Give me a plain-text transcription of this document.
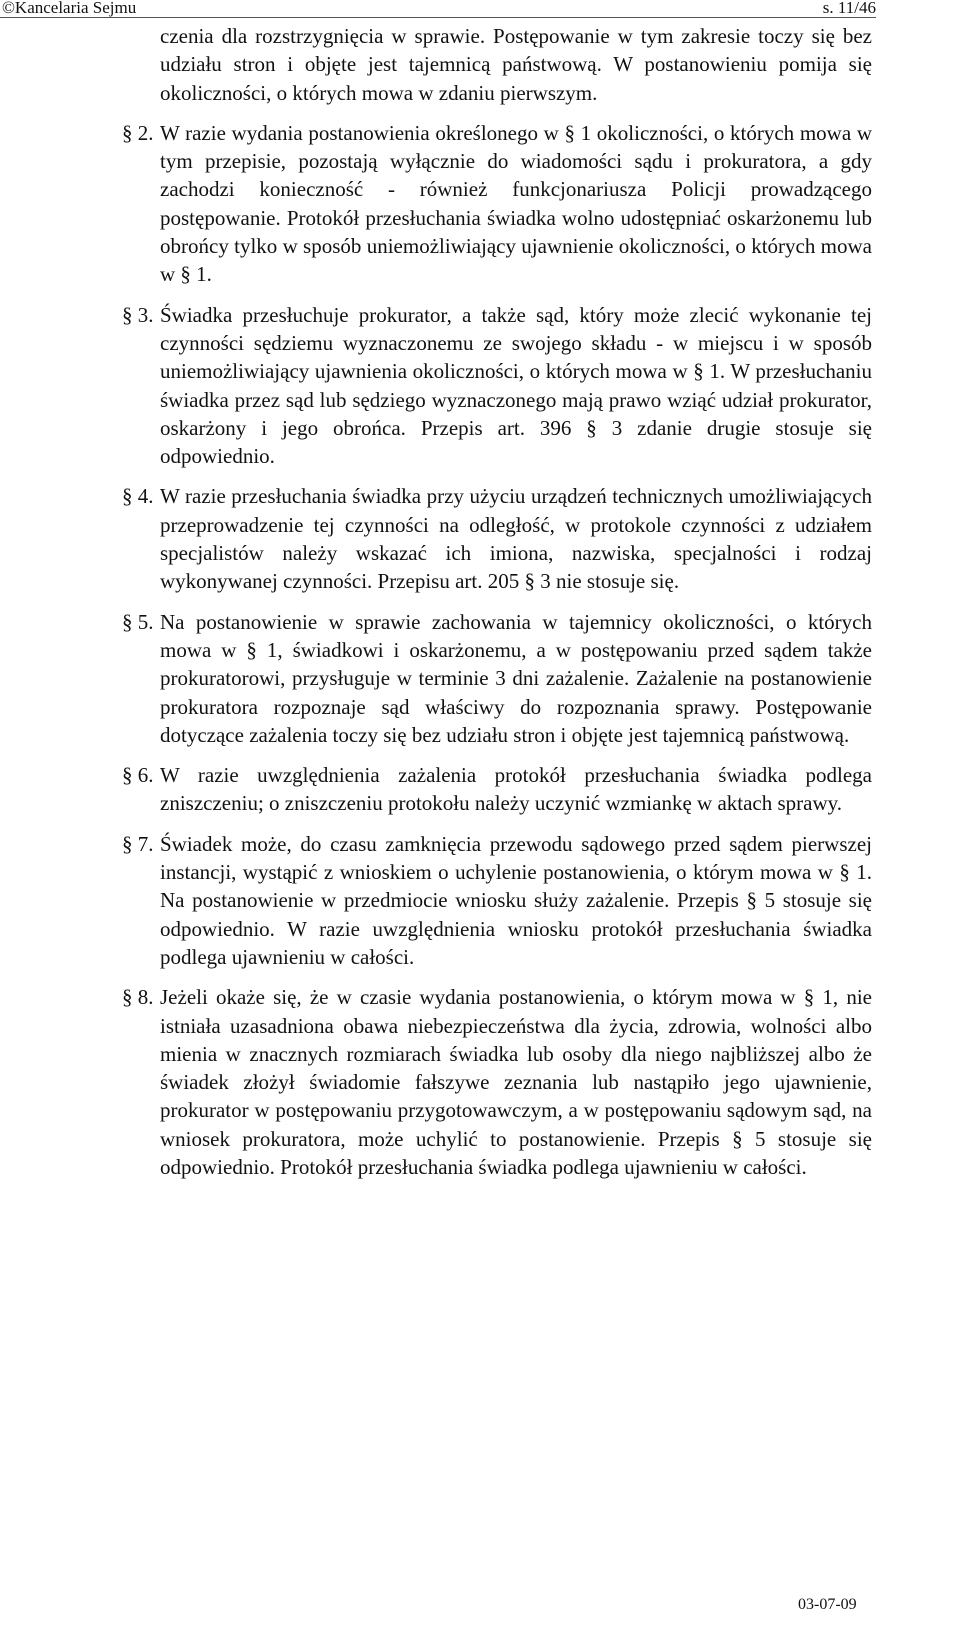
©Kancelaria Sejmu	s. 11/46

czenia dla rozstrzygnięcia w sprawie. Postępowanie w tym zakresie toczy się bez udziału stron i objęte jest tajemnicą państwową. W postanowieniu pomija się okoliczności, o których mowa w zdaniu pierwszym.

§ 2. W razie wydania postanowienia określonego w § 1 okoliczności, o których mowa w tym przepisie, pozostają wyłącznie do wiadomości sądu i prokuratora, a gdy zachodzi konieczność - również funkcjonariusza Policji prowadzącego postępowanie. Protokół przesłuchania świadka wolno udostępniać oskarżonemu lub obrońcy tylko w sposób uniemożliwiający ujawnienie okoliczności, o których mowa w § 1.

§ 3. Świadka przesłuchuje prokurator, a także sąd, który może zlecić wykonanie tej czynności sędziemu wyznaczonemu ze swojego składu - w miejscu i w sposób uniemożliwiający ujawnienia okoliczności, o których mowa w § 1. W przesłuchaniu świadka przez sąd lub sędziego wyznaczonego mają prawo wziąć udział prokurator, oskarżony i jego obrońca. Przepis art. 396 § 3 zdanie drugie stosuje się odpowiednio.

§ 4. W razie przesłuchania świadka przy użyciu urządzeń technicznych umożliwiających przeprowadzenie tej czynności na odległość, w protokole czynności z udziałem specjalistów należy wskazać ich imiona, nazwiska, specjalności i rodzaj wykonywanej czynności. Przepisu art. 205 § 3 nie stosuje się.

§ 5. Na postanowienie w sprawie zachowania w tajemnicy okoliczności, o których mowa w § 1, świadkowi i oskarżonemu, a w postępowaniu przed sądem także prokuratorowi, przysługuje w terminie 3 dni zażalenie. Zażalenie na postanowienie prokuratora rozpoznaje sąd właściwy do rozpoznania sprawy. Postępowanie dotyczące zażalenia toczy się bez udziału stron i objęte jest tajemnicą państwową.

§ 6. W razie uwzględnienia zażalenia protokół przesłuchania świadka podlega zniszczeniu; o zniszczeniu protokołu należy uczynić wzmiankę w aktach sprawy.

§ 7. Świadek może, do czasu zamknięcia przewodu sądowego przed sądem pierwszej instancji, wystąpić z wnioskiem o uchylenie postanowienia, o którym mowa w § 1. Na postanowienie w przedmiocie wniosku służy zażalenie. Przepis § 5 stosuje się odpowiednio. W razie uwzględnienia wniosku protokół przesłuchania świadka podlega ujawnieniu w całości.

§ 8. Jeżeli okaże się, że w czasie wydania postanowienia, o którym mowa w § 1, nie istniała uzasadniona obawa niebezpieczeństwa dla życia, zdrowia, wolności albo mienia w znacznych rozmiarach świadka lub osoby dla niego najbliższej albo że świadek złożył świadomie fałszywe zeznania lub nastąpiło jego ujawnienie, prokurator w postępowaniu przygotowawczym, a w postępowaniu sądowym sąd, na wniosek prokuratora, może uchylić to postanowienie. Przepis § 5 stosuje się odpowiednio. Protokół przesłuchania świadka podlega ujawnieniu w całości.

03-07-09
